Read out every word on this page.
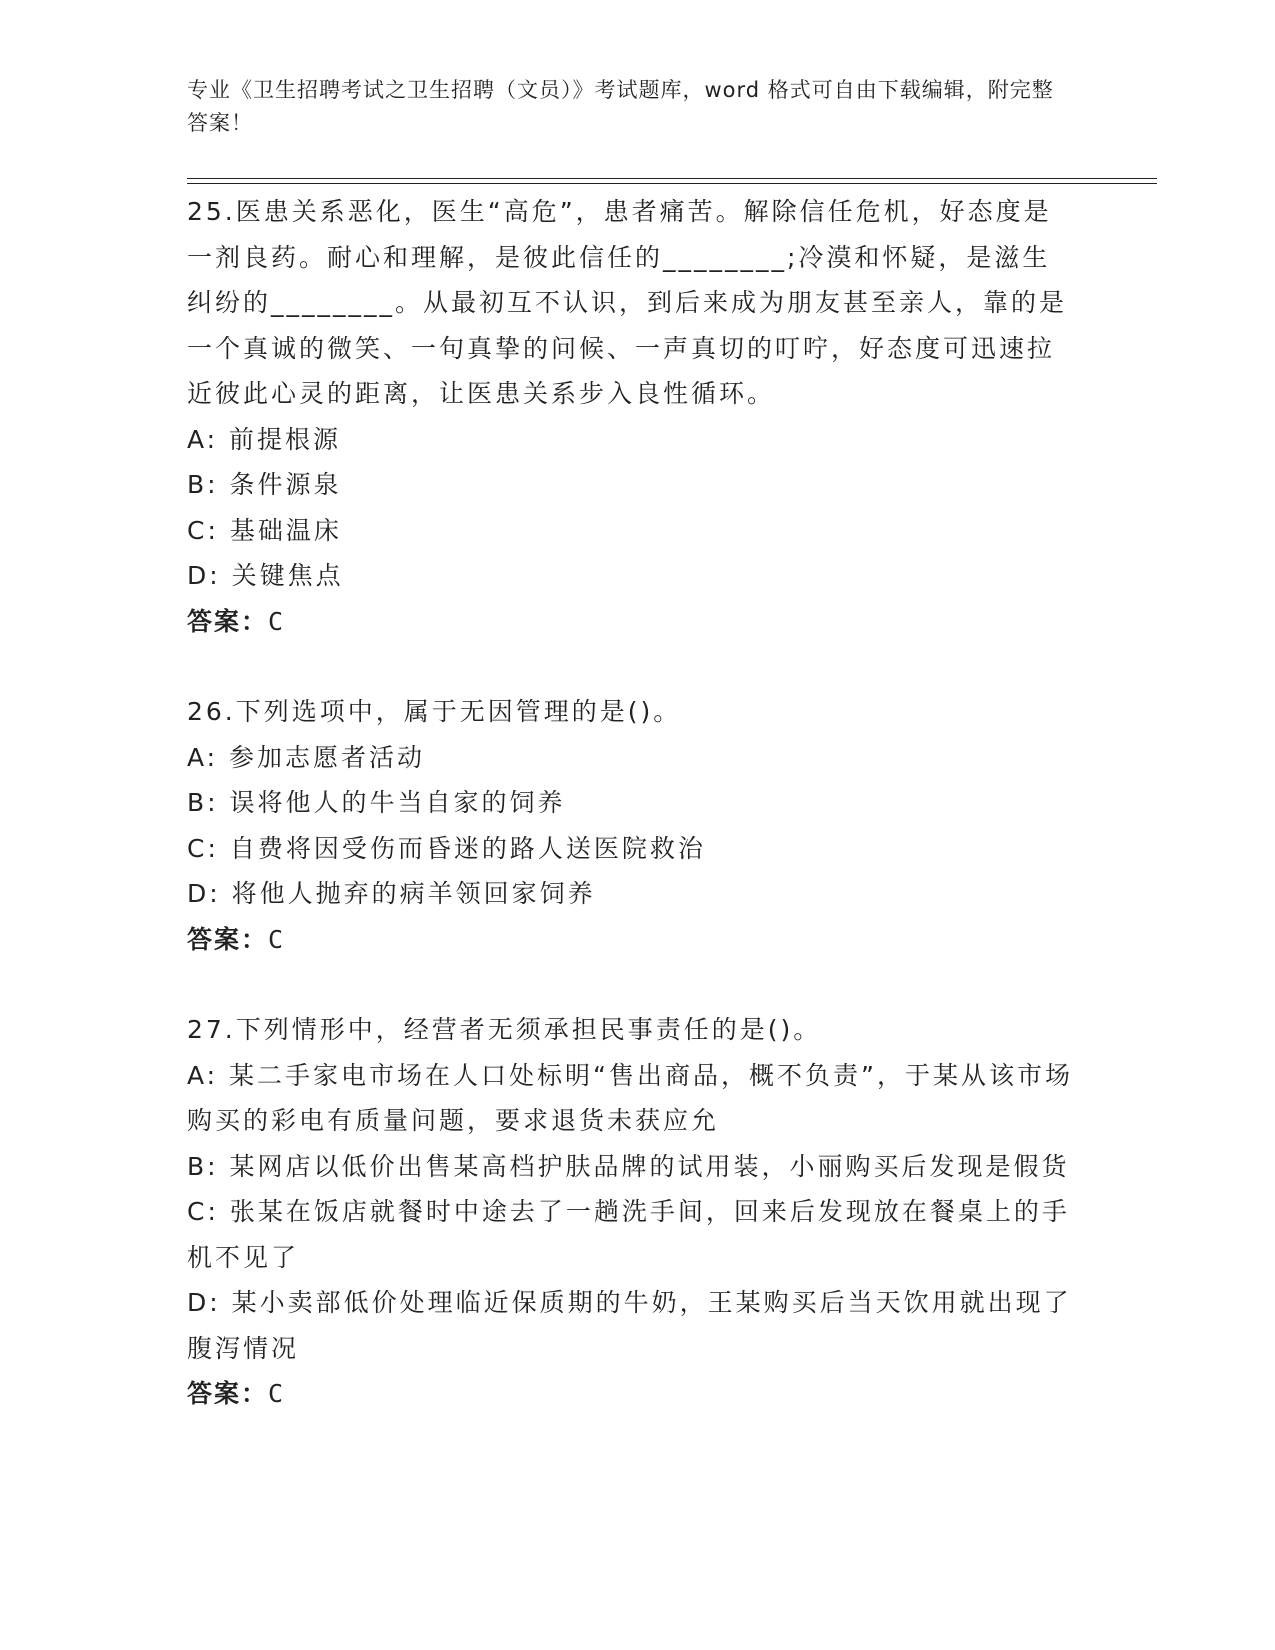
专业《卫生招聘考试之卫生招聘（文员）》考试题库，word 格式可自由下载编辑，附完整答案！

25.医患关系恶化，医生“高危”，患者痛苦。解除信任危机，好态度是一剂良药。耐心和理解，是彼此信任的________;冷漠和怀疑，是滋生纠纷的________。从最初互不认识，到后来成为朋友甚至亲人，靠的是一个真诚的微笑、一句真挚的问候、一声真切的叮咛，好态度可迅速拉近彼此心灵的距离，让医患关系步入良性循环。

A: 前提根源

B: 条件源泉

C: 基础温床

D: 关键焦点

答案：C

26.下列选项中，属于无因管理的是()。

A: 参加志愿者活动

B: 误将他人的牛当自家的饲养

C: 自费将因受伤而昏迷的路人送医院救治

D: 将他人抛弃的病羊领回家饲养

答案：C

27.下列情形中，经营者无须承担民事责任的是()。

A: 某二手家电市场在人口处标明“售出商品，概不负责”，于某从该市场购买的彩电有质量问题，要求退货未获应允

B: 某网店以低价出售某高档护肤品牌的试用装，小丽购买后发现是假货

C: 张某在饭店就餐时中途去了一趟洗手间，回来后发现放在餐桌上的手机不见了

D: 某小卖部低价处理临近保质期的牛奶，王某购买后当天饮用就出现了腹泻情况

答案：C
